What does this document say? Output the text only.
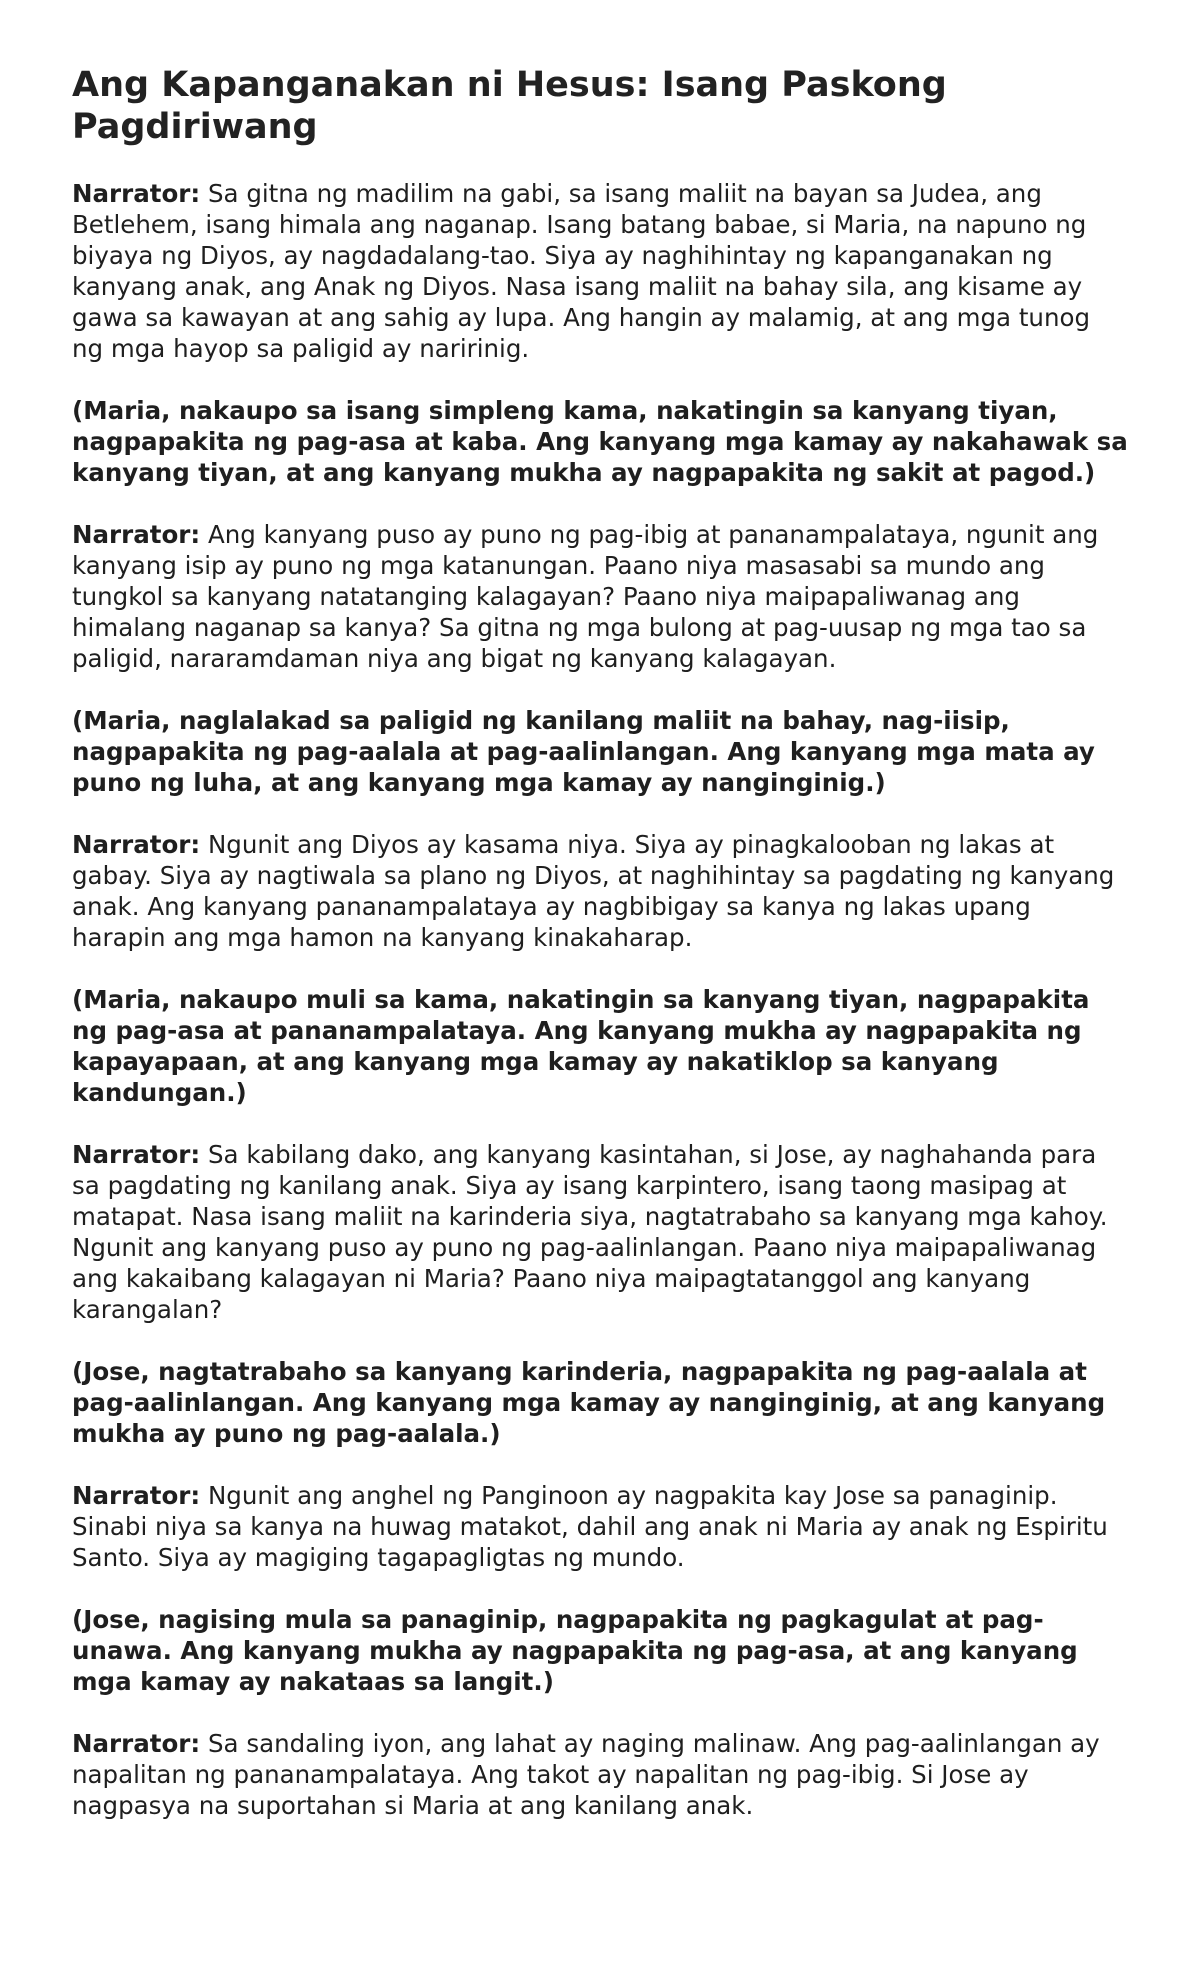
Ang Kapanganakan ni Hesus: Isang Paskong Pagdiriwang

Narrator: Sa gitna ng madilim na gabi, sa isang maliit na bayan sa Judea, ang Betlehem, isang himala ang naganap. Isang batang babae, si Maria, na napuno ng biyaya ng Diyos, ay nagdadalang-tao. Siya ay naghihintay ng kapanganakan ng kanyang anak, ang Anak ng Diyos. Nasa isang maliit na bahay sila, ang kisame ay gawa sa kawayan at ang sahig ay lupa. Ang hangin ay malamig, at ang mga tunog ng mga hayop sa paligid ay naririnig.

(Maria, nakaupo sa isang simpleng kama, nakatingin sa kanyang tiyan, nagpapakita ng pag-asa at kaba. Ang kanyang mga kamay ay nakahawak sa kanyang tiyan, at ang kanyang mukha ay nagpapakita ng sakit at pagod.)

Narrator: Ang kanyang puso ay puno ng pag-ibig at pananampalataya, ngunit ang kanyang isip ay puno ng mga katanungan. Paano niya masasabi sa mundo ang tungkol sa kanyang natatanging kalagayan? Paano niya maipapaliwanag ang himalang naganap sa kanya? Sa gitna ng mga bulong at pag-uusap ng mga tao sa paligid, nararamdaman niya ang bigat ng kanyang kalagayan.

(Maria, naglalakad sa paligid ng kanilang maliit na bahay, nag-iisip, nagpapakita ng pag-aalala at pag-aalinlangan. Ang kanyang mga mata ay puno ng luha, at ang kanyang mga kamay ay nanginginig.)

Narrator: Ngunit ang Diyos ay kasama niya. Siya ay pinagkalooban ng lakas at gabay. Siya ay nagtiwala sa plano ng Diyos, at naghihintay sa pagdating ng kanyang anak. Ang kanyang pananampalataya ay nagbibigay sa kanya ng lakas upang harapin ang mga hamon na kanyang kinakaharap.

(Maria, nakaupo muli sa kama, nakatingin sa kanyang tiyan, nagpapakita ng pag-asa at pananampalataya. Ang kanyang mukha ay nagpapakita ng kapayapaan, at ang kanyang mga kamay ay nakatiklop sa kanyang kandungan.)

Narrator: Sa kabilang dako, ang kanyang kasintahan, si Jose, ay naghahanda para sa pagdating ng kanilang anak. Siya ay isang karpintero, isang taong masipag at matapat. Nasa isang maliit na karinderia siya, nagtatrabaho sa kanyang mga kahoy. Ngunit ang kanyang puso ay puno ng pag-aalinlangan. Paano niya maipapaliwanag ang kakaibang kalagayan ni Maria? Paano niya maipagtatanggol ang kanyang karangalan?

(Jose, nagtatrabaho sa kanyang karinderia, nagpapakita ng pag-aalala at pag-aalinlangan. Ang kanyang mga kamay ay nanginginig, at ang kanyang mukha ay puno ng pag-aalala.)

Narrator: Ngunit ang anghel ng Panginoon ay nagpakita kay Jose sa panaginip. Sinabi niya sa kanya na huwag matakot, dahil ang anak ni Maria ay anak ng Espiritu Santo. Siya ay magiging tagapagligtas ng mundo.

(Jose, nagising mula sa panaginip, nagpapakita ng pagkagulat at pag-unawa. Ang kanyang mukha ay nagpapakita ng pag-asa, at ang kanyang mga kamay ay nakataas sa langit.)

Narrator: Sa sandaling iyon, ang lahat ay naging malinaw. Ang pag-aalinlangan ay napalitan ng pananampalataya. Ang takot ay napalitan ng pag-ibig. Si Jose ay nagpasya na suportahan si Maria at ang kanilang anak.
